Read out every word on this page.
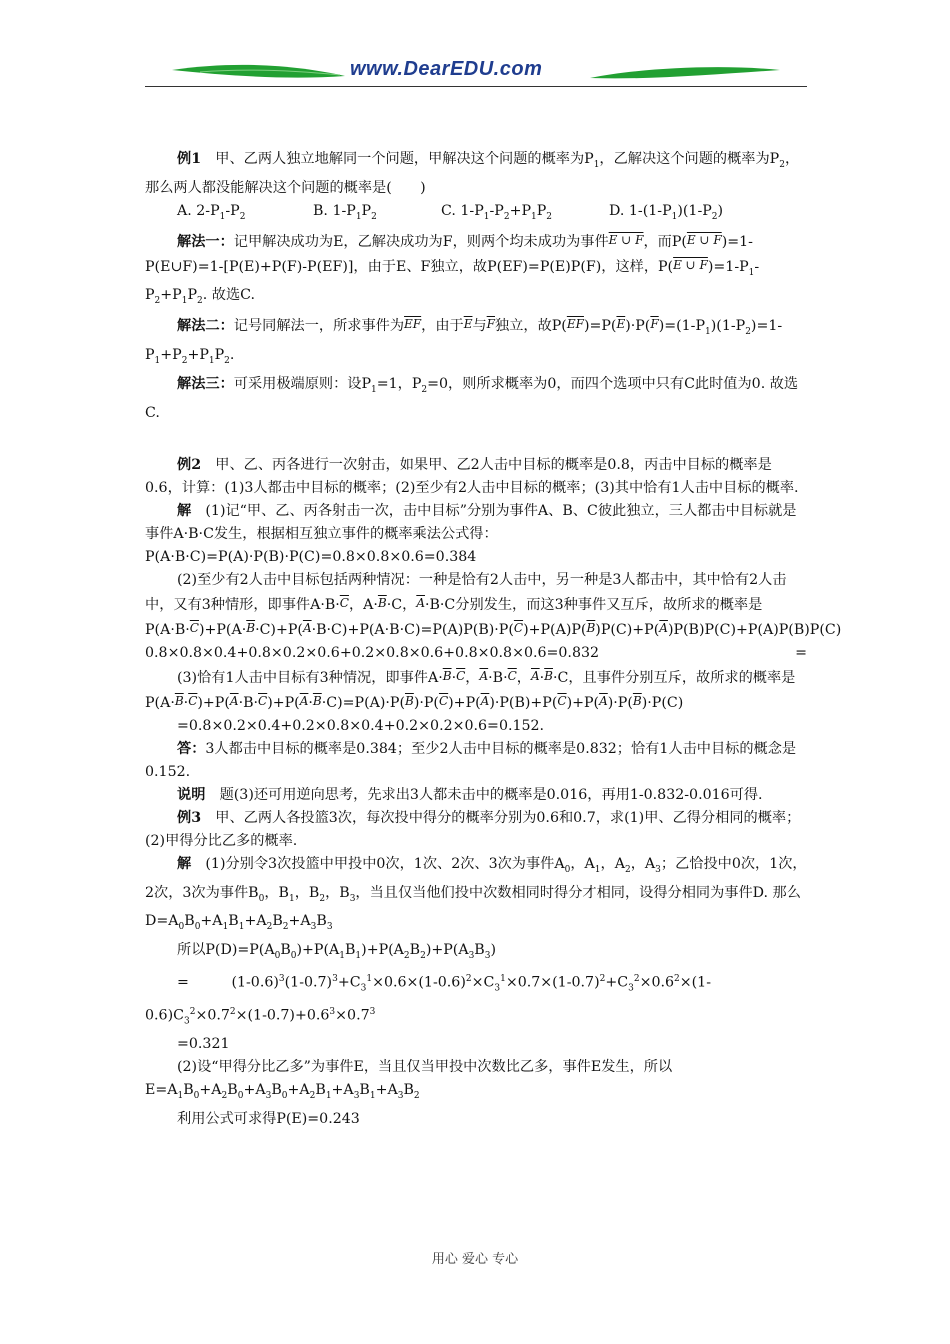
www.DearEDU.com

例1　甲、乙两人独立地解同一个问题，甲解决这个问题的概率为$P_1$，乙解决这个问题的概率为$P_2$，那么两人都没能解决这个问题的概率是(　　)

A. $2-P_1-P_2$	B. $1-P_1P_2$	C. $1-P_1-P_2+P_1P_2$	D. $1-(1-P_1)(1-P_2)$

解法一：记甲解决成功为E，乙解决成功为F，则两个均未成功为事件E ∪ F，而P(E ∪ F)=1-P(E∪F)=1-[P(E)+P(F)-P(EF)]，由于E、F独立，故P(EF)=P(E)P(F)，这样，P(E ∪ $F)=1-P_1-P_2+P_1P_2$. 故选C.

解法二：记号同解法一，所求事件为$\overline{EF}$，由于$\overline{E}$与$\overline{F}$独立，故$P(\overline{EF})=P(\overline{E})\cdot P(\overline{F})=(1-P_1)(1-P_2)=1-P_1+P_2+P_1P_2$.

解法三：可采用极端原则：设$P_1=1$，$P_2=0$，则所求概率为0，而四个选项中只有C此时值为0. 故选C.

例2　甲、乙、丙各进行一次射击，如果甲、乙2人击中目标的概率是0.8，丙击中目标的概率是0.6，计算：(1)3人都击中目标的概率；(2)至少有2人击中目标的概率；(3)其中恰有1人击中目标的概率.

解　(1)记“甲、乙、丙各射击一次，击中目标”分别为事件A、B、C彼此独立，三人都击中目标就是事件A·B·C发生，根据相互独立事件的概率乘法公式得：P(A·B·C)=P(A)·P(B)·P(C)=0.8×0.8×0.6=0.384

(2)至少有2人击中目标包括两种情况：一种是恰有2人击中，另一种是3人都击中，其中恰有2人击中，又有3种情形，即事件$A\cdot B\cdot\overline{C}$，$A\cdot\overline{B}\cdot C$，$\overline{A}\cdot B\cdot C$分别发生，而这3种事件又互斥，故所求的概率是$P(A\cdot B\cdot\overline{C})+P(A\cdot\overline{B}\cdot C)+P(\overline{A}\cdot B\cdot C)+P(A\cdot B\cdot C)=P(A)P(B)\cdot P(\overline{C})+P(A)P(\overline{B})P(C)+P(\overline{A})P(B)P(C)+P(A)P(B)P(C)$
=

0.8×0.8×0.4+0.8×0.2×0.6+0.2×0.8×0.6+0.8×0.8×0.6=0.832

(3)恰有1人击中目标有3种情况，即事件$A\cdot\overline{B}\cdot\overline{C}$，$\overline{A}\cdot B\cdot\overline{C}$，$\overline{A}\cdot\overline{B}\cdot C$，且事件分别互斥，故所求的概率是$P(A\cdot\overline{B}\cdot\overline{C})+P(\overline{A}\cdot B\cdot\overline{C})+P(\overline{A}\cdot\overline{B}\cdot C)=P(A)\cdot P(\overline{B})\cdot P(\overline{C})+P(\overline{A})\cdot P(B)+P(\overline{C})+P(\overline{A})\cdot P(\overline{B})\cdot P(C)$

=0.8×0.2×0.4+0.2×0.8×0.4+0.2×0.2×0.6=0.152.

答：3人都击中目标的概率是0.384；至少2人击中目标的概率是0.832；恰有1人击中目标的概念是0.152.

说明　题(3)还可用逆向思考，先求出3人都未击中的概率是0.016，再用1-0.832-0.016可得.

例3　甲、乙两人各投篮3次，每次投中得分的概率分别为0.6和0.7，求(1)甲、乙得分相同的概率；(2)甲得分比乙多的概率.

解　(1)分别令3次投篮中甲投中0次，1次、2次、3次为事件$A_0$，$A_1$，$A_2$，$A_3$；乙恰投中0次，1次，2次，3次为事件$B_0$，$B_1$，$B_2$，$B_3$，当且仅当他们投中次数相同时得分才相同，设得分相同为事件D. 那么$D=A_0B_0+A_1B_1+A_2B_2+A_3B_3$

所以$P(D)=P(A_0B_0)+P(A_1B_1)+P(A_2B_2)+P(A_3B_3)$

=　　　$(1-0.6)^3(1-0.7)^3+C_3^1\times 0.6\times(1-0.6)^2\times C_3^1\times 0.7\times(1-0.7)^2+C_3^2\times 0.6^2\times(1-0.6)C_3^2\times 0.7^2\times(1-0.7)+0.6^3\times 0.7^3$

=0.321

(2)设“甲得分比乙多”为事件E，当且仅当甲投中次数比乙多，事件E发生，所以$E=A_1B_0+A_2B_0+A_3B_0+A_2B_1+A_3B_1+A_3B_2$

利用公式可求得P(E)=0.243

用心 爱心 专心
